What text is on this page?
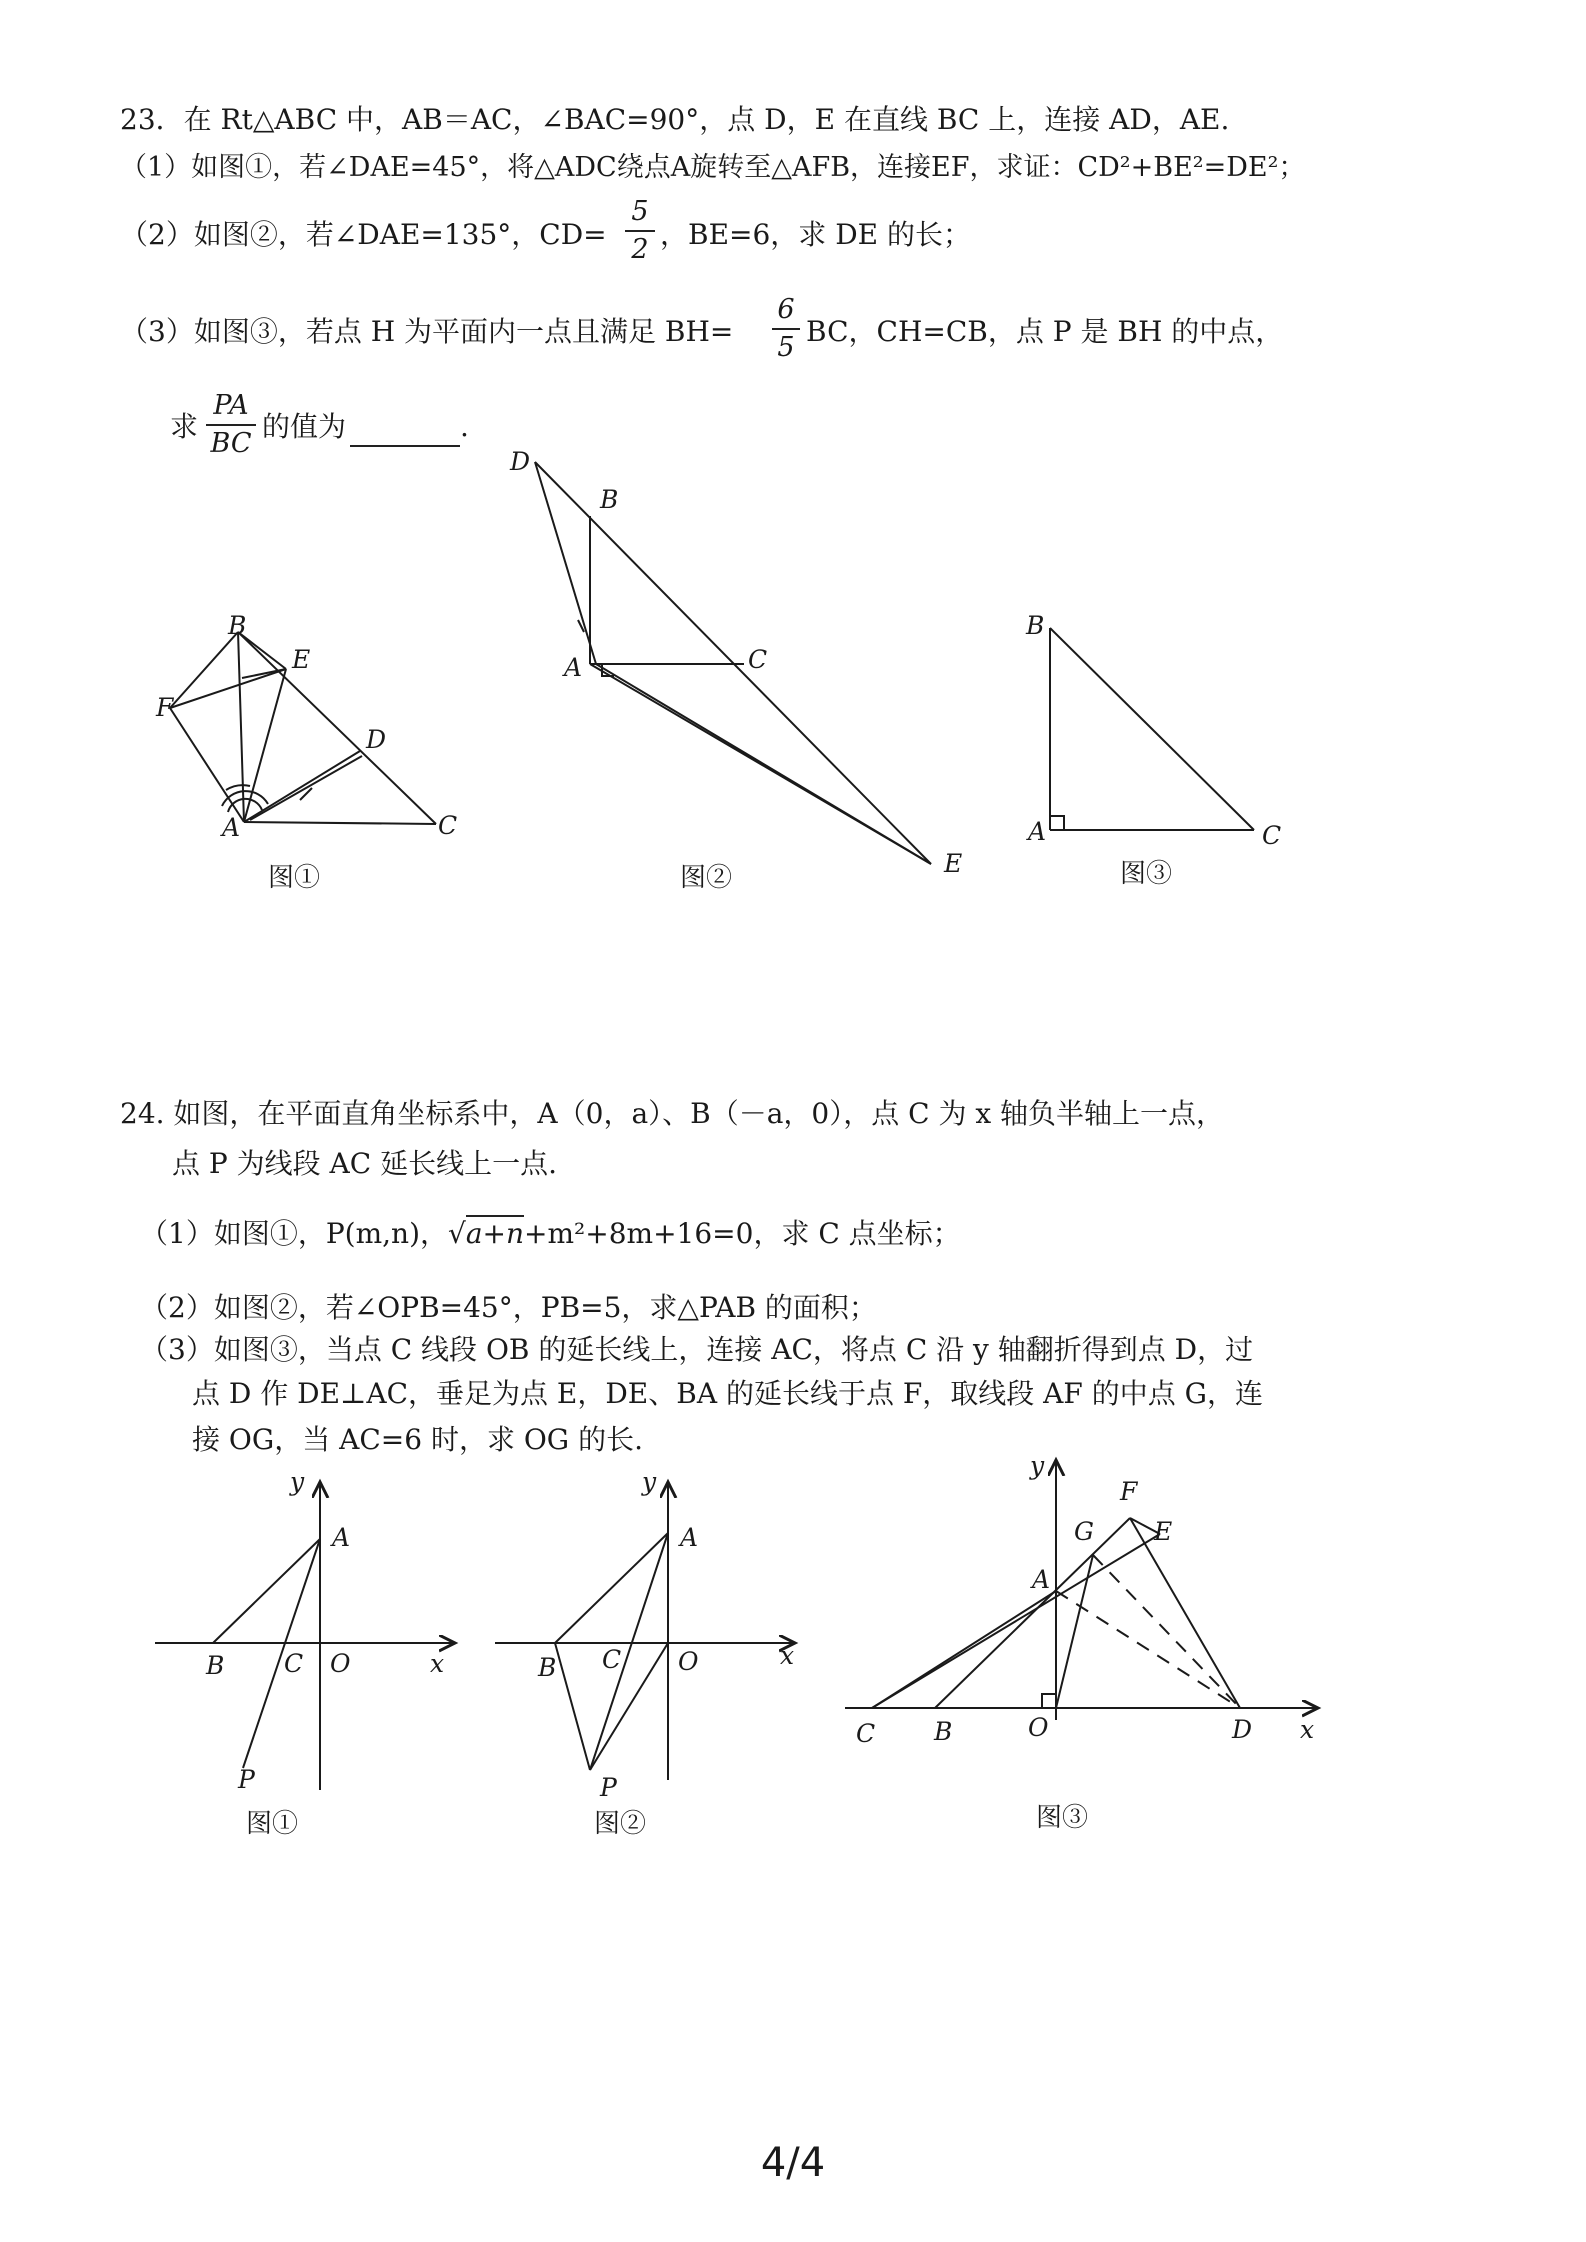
23．在 Rt△ABC 中，AB＝AC，∠BAC=90°，点 D，E 在直线 BC 上，连接 AD，AE.
（1）如图①，若∠DAE=45°，将△ADC绕点A旋转至△AFB，连接EF，求证：CD²+BE²=DE²；
（2）如图②，若∠DAE=135°，CD=
5
2 ，BE=6，求 DE 的长；
（3）如图③，若点 H 为平面内一点且满足 BH=
6
5 BC，CH=CB，点 P 是 BH 的中点，
求
PA
BC
的值为	.
B
E
F
D
A	C
图①
D
B
A	C
E
图②
B
A	C
图③
24. 如图，在平面直角坐标系中，A（0，a）、B（－a，0），点 C 为 x 轴负半轴上一点，
点 P 为线段 AC 延长线上一点.
（1）如图①，P(m,n)，√a+n+m²+8m+16=0，求 C 点坐标；
（2）如图②，若∠OPB=45°，PB=5，求△PAB 的面积；
（3）如图③，当点 C 线段 OB 的延长线上，连接 AC，将点 C 沿 y 轴翻折得到点 D，过
点 D 作 DE⊥AC，垂足为点 E，DE、BA 的延长线于点 F，取线段 AF 的中点 G，连
接 OG，当 AC=6 时，求 OG 的长.
y
A
B C O	x
P
图①
y
A
B C O	x
P
图②
y
F
E
G
A
C B	O	D x
图③
4/4
